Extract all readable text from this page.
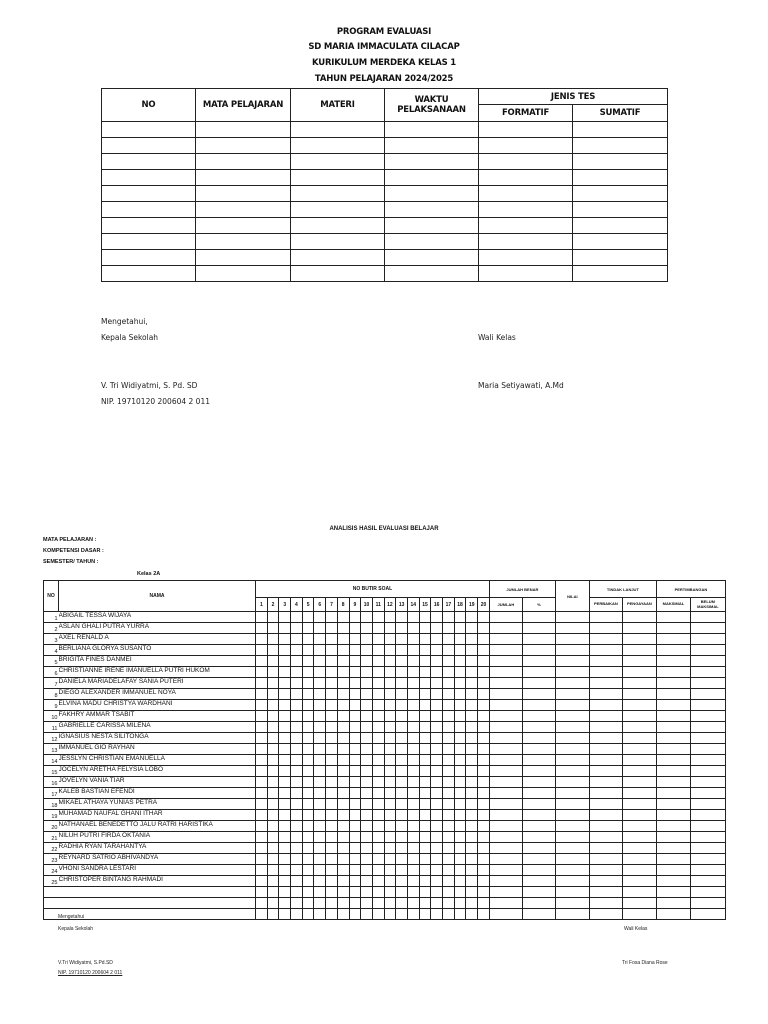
PROGRAM EVALUASI
SD MARIA IMMACULATA CILACAP
KURIKULUM MERDEKA KELAS 1
TAHUN PELAJARAN 2024/2025
NO	MATA PELAJARAN	MATERI	WAKTU PELAKSANAAN	JENIS TES	
				FORMATIF	SUMATIF

Mengetahui,
Kepala Sekolah	Wali Kelas
V. Tri Widiyatmi, S. Pd. SD	Maria Setiyawati, A.Md
NIP. 19710120 200604 2 011
ANALISIS HASIL EVALUASI BELAJAR
MATA PELAJARAN :
KOMPETENSI DASAR :
SEMESTER/ TAHUN :
Kelas 2A
NO	NAMA	NO BUTIR SOAL																				JUMLAH BENAR		NILAI	TINDAK LANJUT		PERTIMBANGAN	
		1	2	3	4	5	6	7	8	9	10	11	12	13	14	15	16	17	18	19	20	JUMLAH	%		PERBAIKAN	PENGAYAAN	MAKSIMAL	BELUM MAKSIMAL
1	ABIGAIL TESSA WIJAYA																											
2	ASLAN GHALI PUTRA YURRA																											
3	AXEL RENALD A																											
4	BERLIANA GLORYA SUSANTO																											
5	BRIGITA FINES DANMEI																											
6	CHRISTIANNE IRENE IMANUELLA PUTRI HUKOM																											
7	DANIELA MARIADELAFAY SANIA PUTERI																											
8	DIEGO ALEXANDER IMMANUEL NOYA																											
9	ELVINA MADU CHRISTYA WARDHANI																											
10	FAKHRY AMMAR TSABIT																											
11	GABRIELLE CARISSA MILENA																											
12	IGNASIUS NESTA SILITONGA																											
13	IMMANUEL GIO RAYHAN																											
14	JESSLYN CHRISTIAN EMANUELLA																											
15	JOCELYN ARETHA FELYSIA LOBO																											
16	JOVELYN VANIA TIAR																											
17	KALEB BASTIAN EFENDI																											
18	MIKAEL ATHAYA YUNIAS PETRA																											
19	MUHAMAD NAUFAL GHANI ITHAR																											
20	NATHANAEL BENEDETTO JALU RATRI HARISTIKA																											
21	NILUH PUTRI FIRDA OKTANIA																											
22	RADHIA RYAN TARAHANTYA																											
23	REYNARD SATRIO ABHIVANDYA																											
24	VHONI SANDRA LESTARI																											
25	CHRISTOPER BINTANG RAHMADI																											

Mengetahui
Kepala Sekolah	Wali Kelas
V.Tri Widiyatmi, S.Pd.SD	Tri Fosa Diana Rose
NIP. 19710120 200604 2 011
